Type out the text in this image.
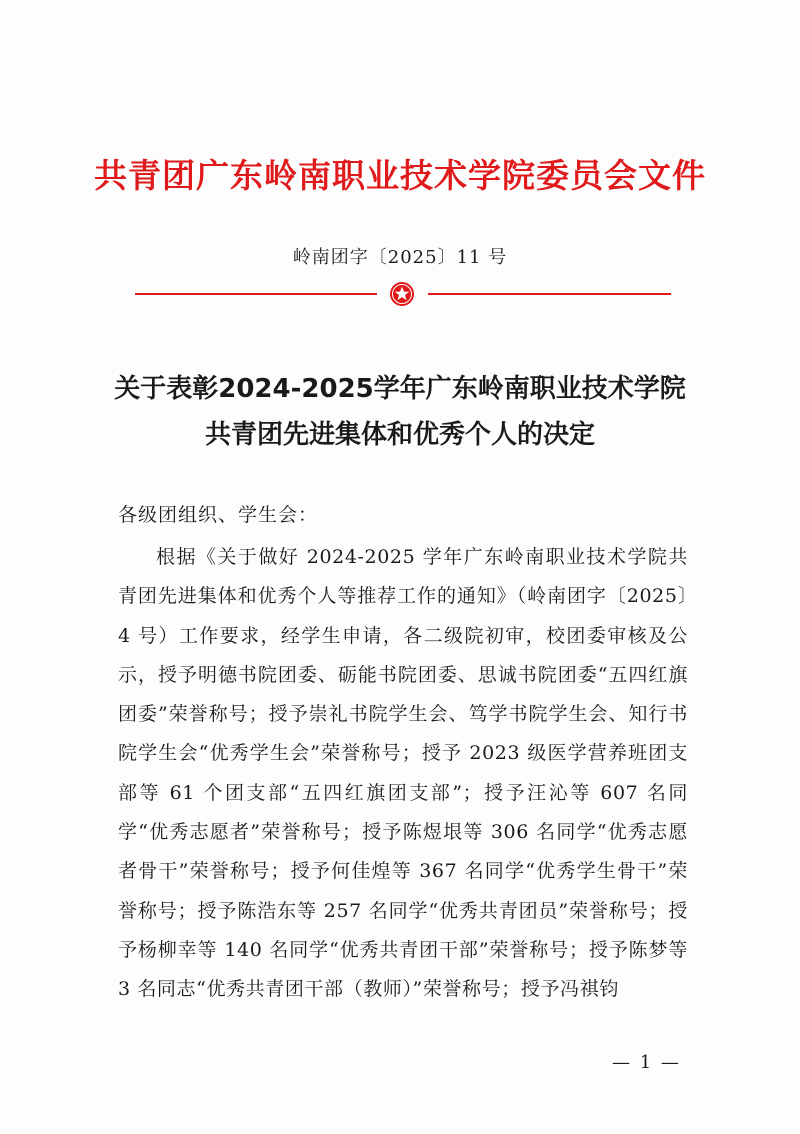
共青团广东岭南职业技术学院委员会文件
岭南团字〔2025〕11 号
关于表彰2024-2025学年广东岭南职业技术学院
共青团先进集体和优秀个人的决定
各级团组织、学生会：

根据《关于做好 2024-2025 学年广东岭南职业技术学院共青团先进集体和优秀个人等推荐工作的通知》（岭南团字〔2025〕4 号）工作要求，经学生申请，各二级院初审，校团委审核及公示，授予明德书院团委、砺能书院团委、思诚书院团委“五四红旗团委”荣誉称号；授予崇礼书院学生会、笃学书院学生会、知行书院学生会“优秀学生会”荣誉称号；授予 2023 级医学营养班团支部等 61 个团支部“五四红旗团支部”；授予汪沁等 607 名同学“优秀志愿者”荣誉称号；授予陈煜垠等 306 名同学“优秀志愿者骨干”荣誉称号；授予何佳煌等 367 名同学“优秀学生骨干”荣誉称号；授予陈浩东等 257 名同学“优秀共青团员”荣誉称号；授予杨柳幸等 140 名同学“优秀共青团干部”荣誉称号；授予陈梦等 3 名同志“优秀共青团干部（教师）”荣誉称号；授予冯祺钧

— 1 —
